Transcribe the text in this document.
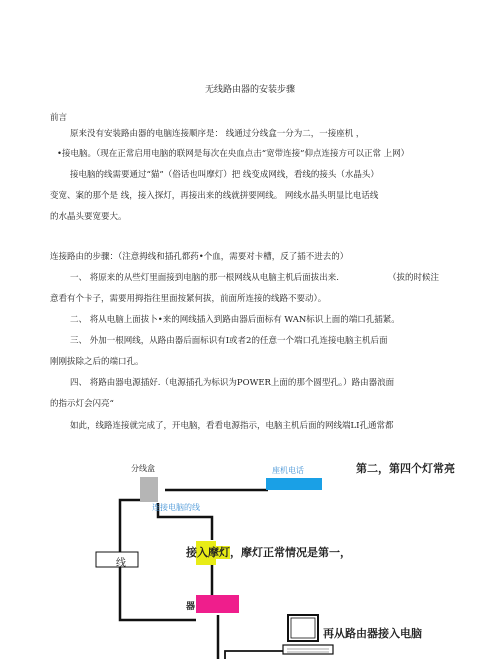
无线路由器的安装步骤
前言
原来没有安装路由器的电脑连接顺序是： 线通过分线盒一分为二，一接座机 ，
•接电脑。（现在正常启用电脑的联网是每次在央血点击“宽带连接”仰点连接方可以正常 上网）
接电脑的线需要通过“猫”（俗话也叫摩灯）把 线变成网线，看线的接头（水晶头）
变宽、案的那个是 线，接入探灯，再接出来的线就拼要网线。 网线水晶头明显比电话线
的水晶头要宽要大。
连接路由的步骤：（注意拇线和插孔都药•个血，需要对卡槽，反了插不进去的）
一、 将原来的从些灯里面接到电脑的那一根网线从电脑主机后面拔出来.	（拔的时候注
意看有个卡子，需要用拇指往里面按紧何拔，前面所连接的线路不要动）。
二、 将从电脑上面拔卜•来的网线插入到路由器后面标有 WAN标识上面的端口孔插紧。
三、 外加一根网线，从路由器后面标识有I或者2的任意一个端口孔连接电脑主机后面
刚刚拔除之后的端口孔。
四、 将路由器电源插好.（电源插孔为标识为POWER上面的那个圆型孔。）路由器浪面
的指示灯会闪亮“
如此，线路连接就完成了，开电脑，看看电源指示，电脑主机后面的网线端LI孔通常都
分线盒	座机电话
连接电脑的线
接入摩灯，摩灯正常情况是第一，
线
器
第二，第四个灯常亮
再从路由器接入电脑
